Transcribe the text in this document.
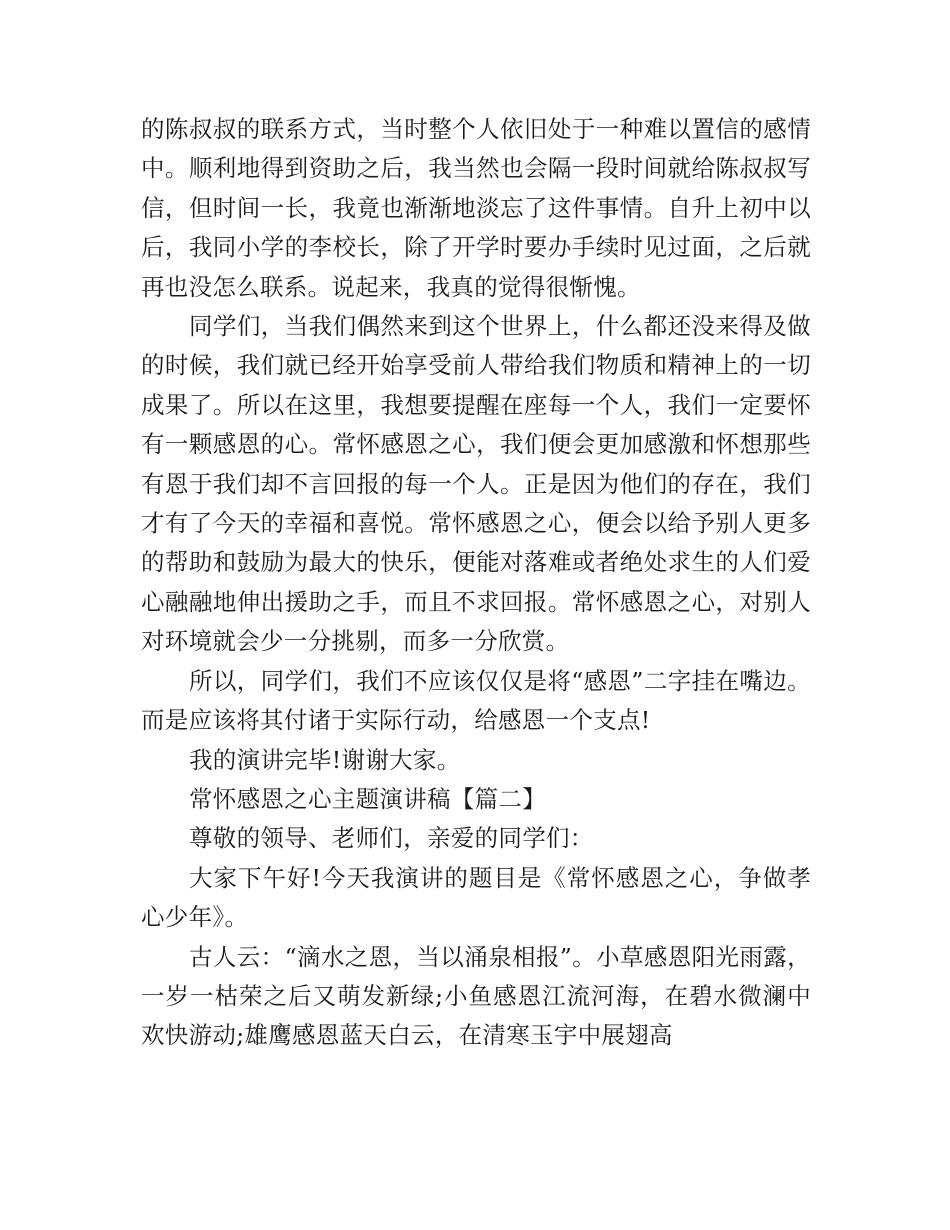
的陈叔叔的联系方式，当时整个人依旧处于一种难以置信的感情中。顺利地得到资助之后，我当然也会隔一段时间就给陈叔叔写信，但时间一长，我竟也渐渐地淡忘了这件事情。自升上初中以后，我同小学的李校长，除了开学时要办手续时见过面，之后就再也没怎么联系。说起来，我真的觉得很惭愧。

同学们，当我们偶然来到这个世界上，什么都还没来得及做的时候，我们就已经开始享受前人带给我们物质和精神上的一切成果了。所以在这里，我想要提醒在座每一个人，我们一定要怀有一颗感恩的心。常怀感恩之心，我们便会更加感激和怀想那些有恩于我们却不言回报的每一个人。正是因为他们的存在，我们才有了今天的幸福和喜悦。常怀感恩之心，便会以给予别人更多的帮助和鼓励为最大的快乐，便能对落难或者绝处求生的人们爱心融融地伸出援助之手，而且不求回报。常怀感恩之心，对别人对环境就会少一分挑剔，而多一分欣赏。

所以，同学们，我们不应该仅仅是将“感恩”二字挂在嘴边。而是应该将其付诸于实际行动，给感恩一个支点!

我的演讲完毕!谢谢大家。

常怀感恩之心主题演讲稿【篇二】

尊敬的领导、老师们，亲爱的同学们：

大家下午好!今天我演讲的题目是《常怀感恩之心，争做孝心少年》。

古人云：“滴水之恩，当以涌泉相报”。小草感恩阳光雨露，一岁一枯荣之后又萌发新绿;小鱼感恩江流河海，在碧水微澜中欢快游动;雄鹰感恩蓝天白云，在清寒玉宇中展翅高
